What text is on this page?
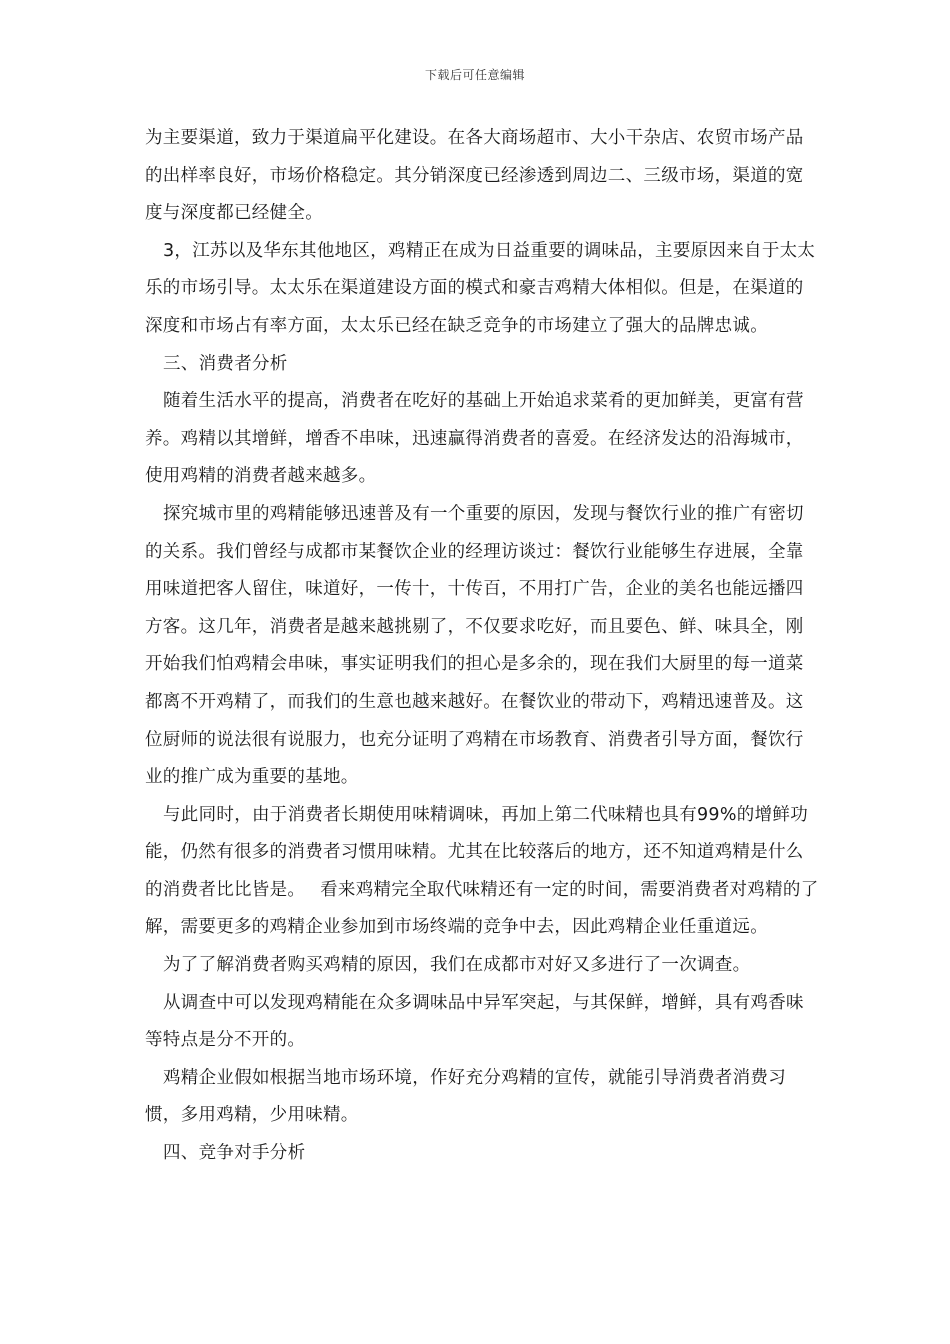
下载后可任意编辑

为主要渠道，致力于渠道扁平化建设。在各大商场超市、大小干杂店、农贸市场产品的出样率良好，市场价格稳定。其分销深度已经渗透到周边二、三级市场，渠道的宽度与深度都已经健全。

3，江苏以及华东其他地区，鸡精正在成为日益重要的调味品，主要原因来自于太太乐的市场引导。太太乐在渠道建设方面的模式和豪吉鸡精大体相似。但是，在渠道的深度和市场占有率方面，太太乐已经在缺乏竞争的市场建立了强大的品牌忠诚。

三、消费者分析

随着生活水平的提高，消费者在吃好的基础上开始追求菜肴的更加鲜美，更富有营养。鸡精以其增鲜，增香不串味，迅速赢得消费者的喜爱。在经济发达的沿海城市，使用鸡精的消费者越来越多。

探究城市里的鸡精能够迅速普及有一个重要的原因，发现与餐饮行业的推广有密切的关系。我们曾经与成都市某餐饮企业的经理访谈过：餐饮行业能够生存进展，全靠用味道把客人留住，味道好，一传十，十传百，不用打广告，企业的美名也能远播四方客。这几年，消费者是越来越挑剔了，不仅要求吃好，而且要色、鲜、味具全，刚开始我们怕鸡精会串味，事实证明我们的担心是多余的，现在我们大厨里的每一道菜都离不开鸡精了，而我们的生意也越来越好。在餐饮业的带动下，鸡精迅速普及。这位厨师的说法很有说服力，也充分证明了鸡精在市场教育、消费者引导方面，餐饮行业的推广成为重要的基地。

与此同时，由于消费者长期使用味精调味，再加上第二代味精也具有99%的增鲜功能，仍然有很多的消费者习惯用味精。尤其在比较落后的地方，还不知道鸡精是什么的消费者比比皆是。　 看来鸡精完全取代味精还有一定的时间，需要消费者对鸡精的了解，需要更多的鸡精企业参加到市场终端的竞争中去，因此鸡精企业任重道远。

为了了解消费者购买鸡精的原因，我们在成都市对好又多进行了一次调查。

从调查中可以发现鸡精能在众多调味品中异军突起，与其保鲜，增鲜，具有鸡香味等特点是分不开的。

鸡精企业假如根据当地市场环境，作好充分鸡精的宣传，就能引导消费者消费习惯，多用鸡精，少用味精。

四、竞争对手分析
